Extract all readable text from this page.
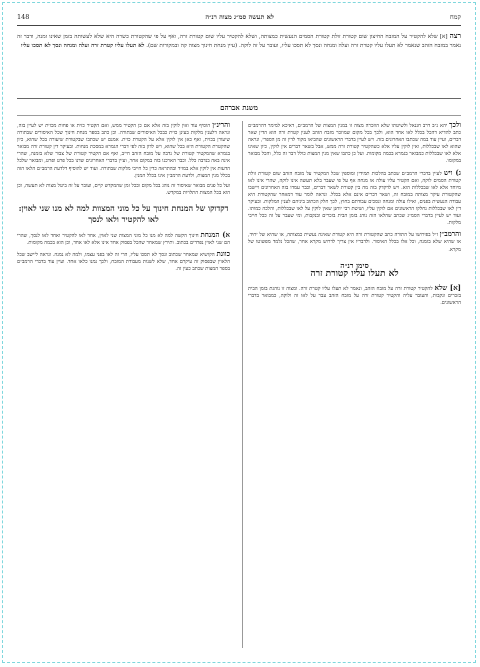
קמח
לא תעשה סמ״ג מצוה רנ״ה
148
רצה [א] שלא להקטיר על המזבח החיצון שום קטורת זולת קטורת הסמים הנעשית כמצותה, ושלא להקטיר עליו שום קטורת זרה, ואף על פי שהקטורת כשרה היא שלא לעשותה בזמן שאינו זמנה, ודבר זה נאמר במזבח הזהב שנאמר לא תעלו עליו קטרת זרה ועלה ומנחה ונסך לא תסכו עליו, ועובר על זה לוקה. (עיין מנחת חינוך מצוה קה ובמקורות שם). לא תעלו עליו קטרת זרה ועלה ומנחה ונסך לא תסכו עליו
משנת אברהם
ולכך יהא נ״ב דרב חננאל ולשיטתו שלא הוזכרה מצוה זו במנין המצות של הרמב״ם, דאיכא למימר דהרמב״ם כתב להדיא דהכל בכלל לאו אחד הוא, ולכך בכל מקום שמוזכר מזבח הזהב לענין קטרת זרה הוא הדין שאר דברים, ועיין עוד במה שכתבו האחרונים בזה. ויש לעיין בדברי הראשונים שהביאו מקור לדין זה מן הספרי, ונראה שהוא לאו שבכללות, ואין לוקין עליו אלא כשהקטיר קטורת זרה ממש, אבל בשאר דברים אין לוקין, כיון שאינו אלא לאו שבכללות כמבואר בגמרא בכמה מקומות. ועל כן כתבו שאין מנין המצות כולל דבר זה כלל, והכל מבואר במקומו.
ג) ויש לעיין בדברי הרמב״ם שכתב בהלכות תמידין ומוספין שכל המקטיר על מזבח הזהב שום קטורת זולת קטורת הסמים לוקה, ואם הקטיר עליו עולה או מנחה אף על פי שעבר בלא תעשה אינו לוקה, שהרי אינו לאו מיוחד אלא לאו שבכללות הוא. ויש לדקדק בזה מה בין קטורת לשאר דברים, וכבר עמדו בזה האחרונים ויישבו שהקטורת עיקר מצותה במזבח זה, ושאר דברים אינם אלא בכלל. ונראה לומר עוד דמאחר שהקטורת היא עבודה הנעשית בפנים, ואילו עולה ומנחה ונסכים עבודתם בחוץ, לכך חלק הכתוב ביניהם לענין המלקות. ובעיקר דין לאו שבכללות נחלקו הראשונים אם לוקין עליו, ושיטת רבי יוחנן שאין לוקין על לאו שבכללות, והלכה כמותו. ועוד יש לעיין בדברי הסמ״ג שכתב שהלאו הזה נוהג בזמן הבית בזכרים ובנקבות, ומי שעבר על זה ככל חייבי מלקות.
והרמב״ן ז״ל בפירושו על התורה כתב שהקטורת זרה היא קטורת שאינה נעשית כמצותה, או שהיא של יחיד, או שהיא שלא בזמנה, וכל אלו בכלל האיסור. ולדבריו אין צריך לדרוש מקרא אחר, שהכל נלמד מפשוטו של מקרא.
סימן רנ״ה
לא תעלו עליו קטורת זרה
[א] שלא להקטיר קטורת זרה על מזבח הזהב, ונאמר לא תעלו עליו קטרת זרה. ומצוה זו נוהגת בזמן הבית בזכרים ונקבות, והעובר עליה והקטיר קטורת זרה על מזבח הזהב עבר על לאו זה ולוקה, כמבואר בדברי הראשונים.
והרינ״ן הוסיף עוד ואין לוקין בזה אלא אם כן הקטיר ממש, ואם הקטיר כזית או פחות מכזית יש לעיין בזה, ונראה דלענין מלקות בעינן כזית כבכל האיסורים שבתורה. וכן כתב בספר מנחת חינוך שכל האיסורים שבתורה שיעורן בכזית, ואף כאן אין לוקין אלא על הקטרת כזית. אמנם יש שכתבו שבקטורת שיעורה בכל שהוא, כיון שהקטרת הקטורת היא בכל שהוא, ויש לדון בזה לפי דברי הגמרא במסכת מנחות. ובעיקר דין קטורת זרה מבואר בגמרא שהמקטיר קטורת של נדבה על מזבח הזהב חייב, ואף אם הקטיר קטורת של צבור שלא בזמנה, שהרי אינה באה בנדבה כלל. וכבר הארכנו בזה במקום אחר, ועיין בדברי האחרונים שדנו בכל פרט ופרט, ומבואר שלכל הדעות אין לוקין אלא במזיד ובהתראה כדין כל חייבי מלקות שבתורה. ועוד יש להוסיף דלדעת הרמב״ם הלאו הזה בכלל מנין המצות, ולדעת הרמב״ן אינו בכלל המנין.
ועל כל פנים מבואר שאיסור זה נוהג בכל מקום ובכל זמן שהמקדש קיים, ועובר על זה ביטל מצות לא תעשה, וכן הוא בכל המצות התלויות במקדש.
דקדוקו של המנחת חינוך על כל מוני המצוות למה לא מנו שני לאוין: לאו להקטיר ולאו לנסך
א) המנחת חינוך הקשה למה לא מנו כל מוני המצות שני לאוין, אחד לאו להקטיר ואחד לאו לנסך, שהרי הם שני לאוין נפרדים בכתוב. ותירץ שמאחר שהכל בפסוק אחד אינו אלא לאו אחד, וכן הוא בכמה מקומות.
כוונת הקושיא שמאחר שכתוב ונסך לא תסכו עליו, הרי זה לאו בפני עצמו, ולמה לא נמנה. ונראה ליישב שכל הלאוין שבפסוק זה עיקרם אחד, שלא לשנות מעבודת המזבח, ולכך נמנו כלאו אחד. ועיין עוד בדברי הרמב״ם בספר המצות שכתב כעין זה.
